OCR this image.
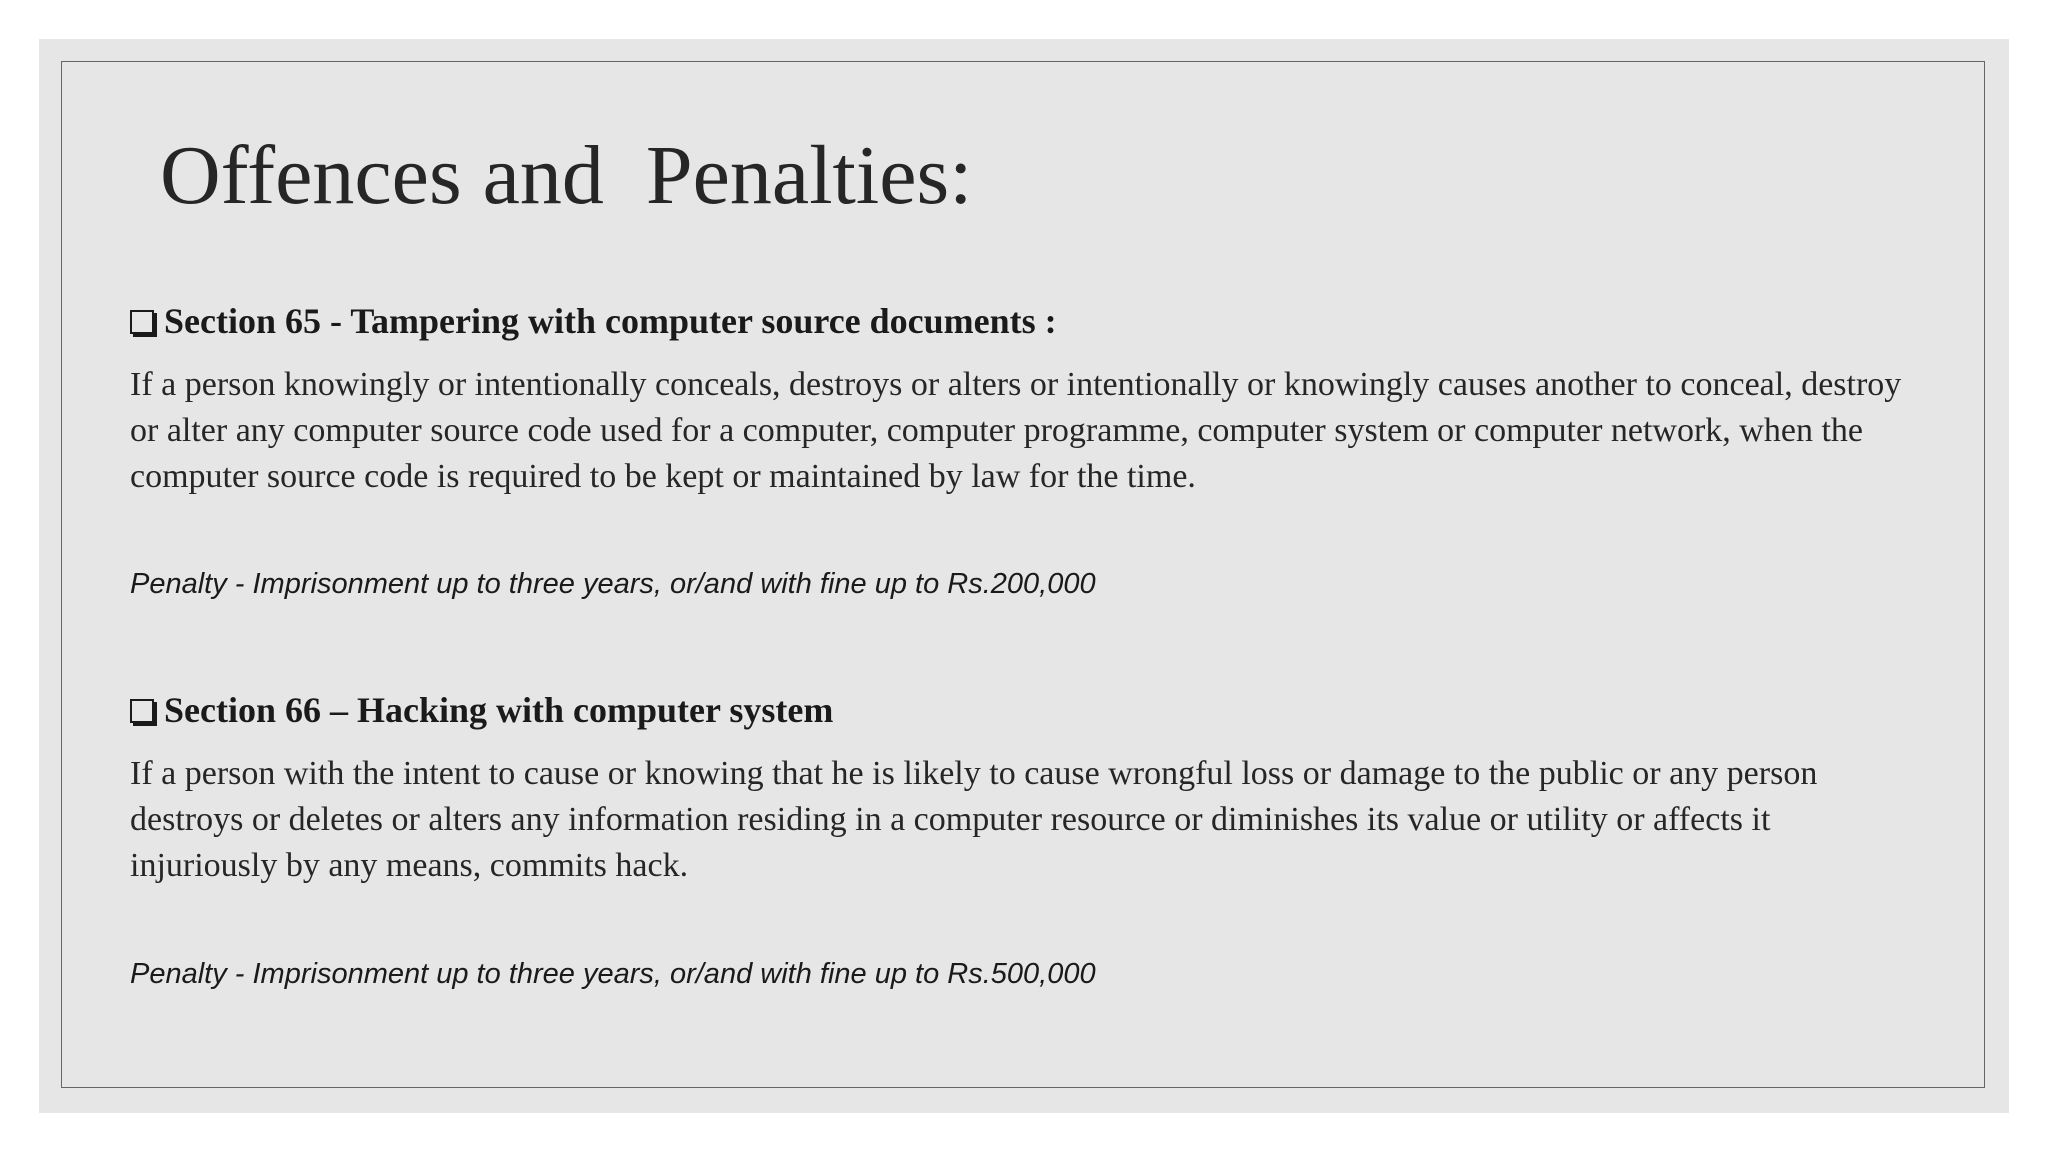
Offences and  Penalties:
Section 65 - Tampering with computer source documents :

If a person knowingly or intentionally conceals, destroys or alters or intentionally or knowingly causes another to conceal, destroy or alter any computer source code used for a computer, computer programme, computer system or computer network, when the computer source code is required to be kept or maintained by law for the time.

Penalty - Imprisonment up to three years, or/and with fine up to Rs.200,000

Section 66 – Hacking with computer system

If a person with the intent to cause or knowing that he is likely to cause wrongful loss or damage to the public or any person destroys or deletes or alters any information residing in a computer resource or diminishes its value or utility or affects it injuriously by any means, commits hack.

Penalty - Imprisonment up to three years, or/and with fine up to Rs.500,000
